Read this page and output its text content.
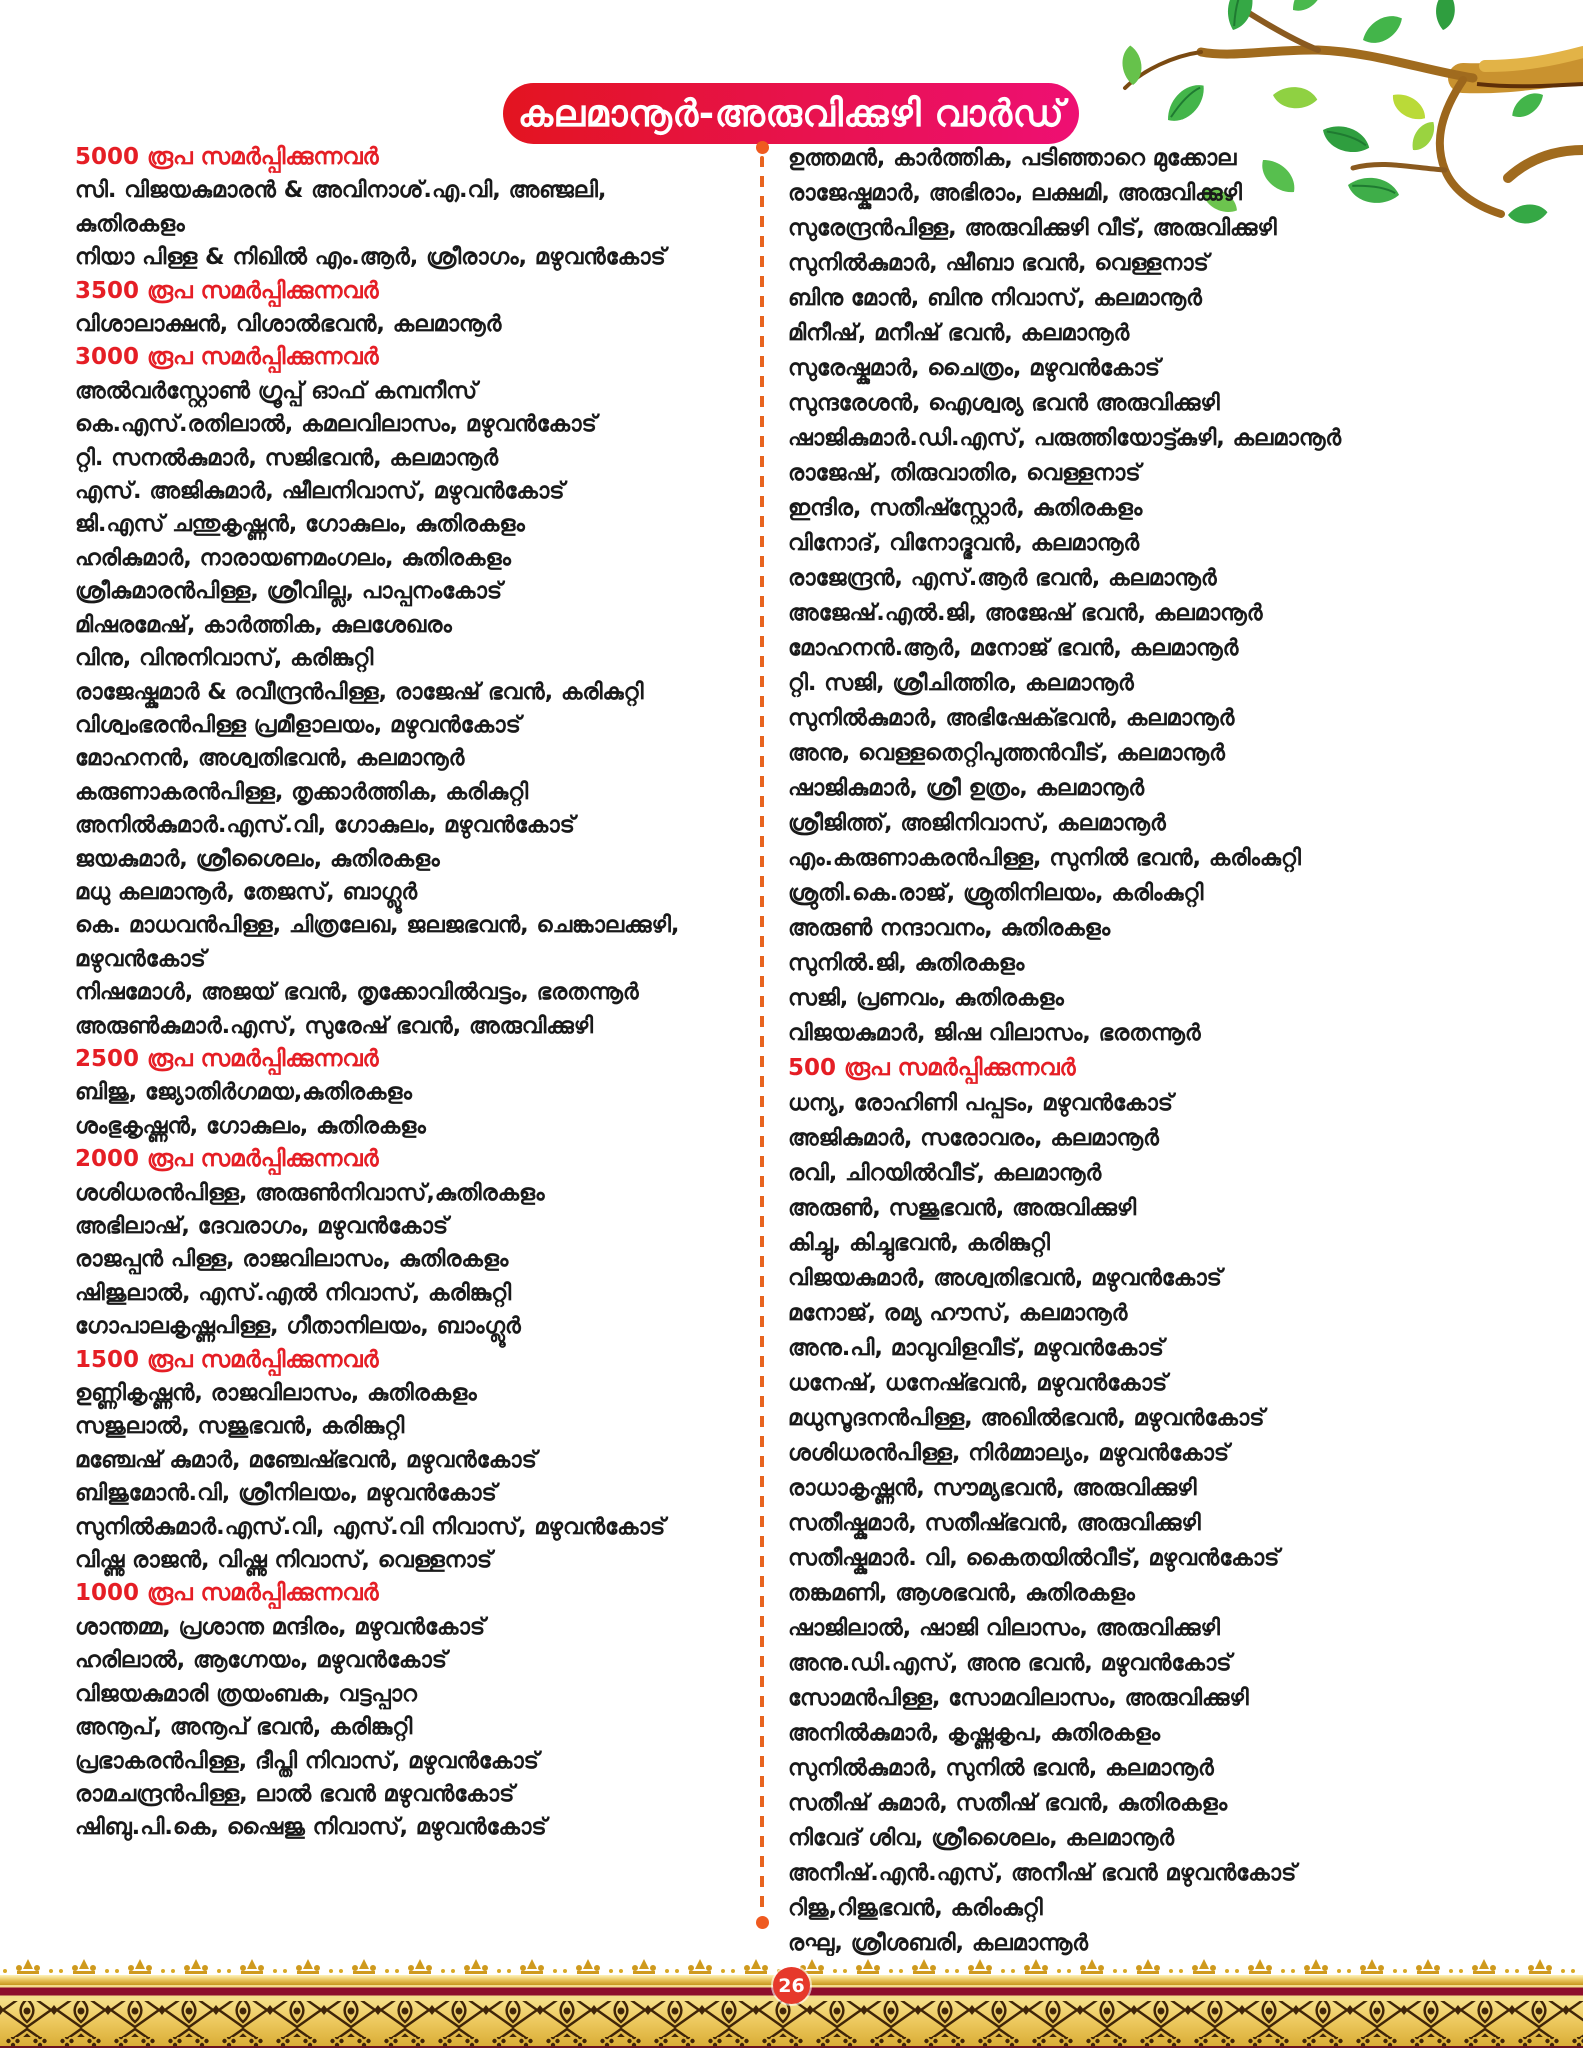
കലമാനൂർ-അരുവിക്കുഴി വാർഡ്
5000 രൂപ സമർപ്പിക്കുന്നവർ
സി. വിജയകുമാരൻ & അവിനാശ്.എ.വി, അഞ്ജലി, കുതിരകളം
നിയാ പിള്ള & നിഖിൽ എം.ആർ, ശ്രീരാഗം, മഴുവൻകോട്
3500 രൂപ സമർപ്പിക്കുന്നവർ
വിശാലാക്ഷൻ, വിശാൽഭവൻ, കലമാനൂർ
3000 രൂപ സമർപ്പിക്കുന്നവർ
അൽവർസ്റ്റോൺ ഗ്രൂപ്പ് ഓഫ് കമ്പനീസ്
കെ.എസ്.രതിലാൽ, കമലവിലാസം, മഴുവൻകോട്
റ്റി. സനൽകുമാർ, സജിഭവൻ, കലമാനൂർ
എസ്. അജികുമാർ, ഷീലനിവാസ്, മഴുവൻകോട്
ജി.എസ് ചന്തുകൃഷ്ണൻ, ഗോകുലം, കുതിരകളം
ഹരികുമാർ, നാരായണമംഗലം, കുതിരകളം
ശ്രീകുമാരൻപിള്ള, ശ്രീവില്ല, പാപ്പനംകോട്
മിഷരമേഷ്, കാർത്തിക, കുലശേഖരം
വിനു, വിനുനിവാസ്, കരിങ്കുറ്റി
രാജേഷ്കുമാർ & രവീന്ദ്രൻപിള്ള, രാജേഷ് ഭവൻ, കരികുറ്റി
വിശ്വംഭരൻപിള്ള പ്രമീളാലയം, മഴുവൻകോട്
മോഹനൻ, അശ്വതിഭവൻ, കലമാനൂർ
കരുണാകരൻപിള്ള, തൃക്കാർത്തിക, കരികുറ്റി
അനിൽകുമാർ.എസ്.വി, ഗോകുലം, മഴുവൻകോട്
ജയകുമാർ, ശ്രീശൈലം, കുതിരകളം
മധു കലമാനൂർ, തേജസ്, ബാഗ്ലൂർ
കെ. മാധവൻപിള്ള, ചിത്രലേഖ, ജലജഭവൻ, ചെങ്കാലക്കുഴി, മഴുവൻകോട്
നിഷമോൾ, അജയ് ഭവൻ, തൃക്കോവിൽവട്ടം, ഭരതന്നൂർ
അരുൺകുമാർ.എസ്, സുരേഷ് ഭവൻ, അരുവിക്കുഴി
2500 രൂപ സമർപ്പിക്കുന്നവർ
ബിജു, ജ്യോതിർഗമയ,കുതിരകളം
ശംഭുകൃഷ്ണൻ, ഗോകുലം, കുതിരകളം
2000 രൂപ സമർപ്പിക്കുന്നവർ
ശശിധരൻപിള്ള, അരുൺനിവാസ്,കുതിരകളം
അഭിലാഷ്, ദേവരാഗം, മഴുവൻകോട്
രാജപ്പൻ പിള്ള, രാജവിലാസം, കുതിരകളം
ഷിജുലാൽ, എസ്.എൽ നിവാസ്, കരിങ്കുറ്റി
ഗോപാലകൃഷ്ണപിള്ള, ഗീതാനിലയം, ബാംഗ്ലൂർ
1500 രൂപ സമർപ്പിക്കുന്നവർ
ഉണ്ണികൃഷ്ണൻ, രാജവിലാസം, കുതിരകളം
സജുലാൽ, സജുഭവൻ, കരിങ്കുറ്റി
മഞ്ചേഷ് കുമാർ, മഞ്ചേഷ്ഭവൻ, മഴുവൻകോട്
ബിജുമോൻ.വി, ശ്രീനിലയം, മഴുവൻകോട്
സുനിൽകുമാർ.എസ്.വി, എസ്.വി നിവാസ്, മഴുവൻകോട്
വിഷ്ണു രാജൻ, വിഷ്ണു നിവാസ്, വെള്ളനാട്
1000 രൂപ സമർപ്പിക്കുന്നവർ
ശാന്തമ്മ, പ്രശാന്ത മന്ദിരം, മഴുവൻകോട്
ഹരിലാൽ, ആഗ്നേയം, മഴുവൻകോട്
വിജയകുമാരി ത്രയംബക, വട്ടപ്പാറ
അനൂപ്, അനൂപ് ഭവൻ, കരിങ്കുറ്റി
പ്രഭാകരൻപിള്ള, ദീപ്തി നിവാസ്, മഴുവൻകോട്
രാമചന്ദ്രൻപിള്ള, ലാൽ ഭവൻ മഴുവൻകോട്
ഷിബു.പി.കെ, ഷൈജു നിവാസ്, മഴുവൻകോട്
ഉത്തമൻ, കാർത്തിക, പടിഞ്ഞാറെ മുക്കോല
രാജേഷ്കുമാർ, അഭിരാം, ലക്ഷമി, അരുവിക്കുഴി
സുരേന്ദ്രൻപിള്ള, അരുവിക്കുഴി വീട്, അരുവിക്കുഴി
സുനിൽകുമാർ, ഷീബാ ഭവൻ, വെള്ളനാട്
ബിനു മോൻ, ബിനു നിവാസ്, കലമാനൂർ
മിനീഷ്, മനീഷ് ഭവൻ, കലമാനൂർ
സുരേഷ്കുമാർ, ചൈത്രം, മഴുവൻകോട്
സുന്ദരേശൻ, ഐശ്വര്യ ഭവൻ അരുവിക്കുഴി
ഷാജികുമാർ.ഡി.എസ്, പരുത്തിയോട്ട്കുഴി, കലമാനൂർ
രാജേഷ്, തിരുവാതിര, വെള്ളനാട്
ഇന്ദിര, സതീഷ്സ്റ്റോർ, കുതിരകളം
വിനോദ്, വിനോദ്ഭവൻ, കലമാനൂർ
രാജേന്ദ്രൻ, എസ്.ആർ ഭവൻ, കലമാനൂർ
അജേഷ്.എൽ.ജി, അജേഷ് ഭവൻ, കലമാനൂർ
മോഹനൻ.ആർ, മനോജ് ഭവൻ, കലമാനൂർ
റ്റി. സജി, ശ്രീചിത്തിര, കലമാനൂർ
സുനിൽകുമാർ, അഭിഷേക്ഭവൻ, കലമാനൂർ
അനു, വെള്ളതെറ്റിപുത്തൻവീട്, കലമാനൂർ
ഷാജികുമാർ, ശ്രീ ഉത്രം, കലമാനൂർ
ശ്രീജിത്ത്, അജിനിവാസ്, കലമാനൂർ
എം.കരുണാകരൻപിള്ള, സുനിൽ ഭവൻ, കരിംകുറ്റി
ശ്രുതി.കെ.രാജ്, ശ്രുതിനിലയം, കരിംകുറ്റി
അരുൺ നന്ദാവനം, കുതിരകളം
സുനിൽ.ജി, കുതിരകളം
സജി, പ്രണവം, കുതിരകളം
വിജയകുമാർ, ജിഷ വിലാസം, ഭരതന്നൂർ
500 രൂപ സമർപ്പിക്കുന്നവർ
ധന്യ, രോഹിണി പപ്പടം, മഴുവൻകോട്
അജികുമാർ, സരോവരം, കലമാനൂർ
രവി, ചിറയിൽവീട്, കലമാനൂർ
അരുൺ, സജുഭവൻ, അരുവിക്കുഴി
കിച്ചു, കിച്ചുഭവൻ, കരിങ്കുറ്റി
വിജയകുമാർ, അശ്വതിഭവൻ, മഴുവൻകോട്
മനോജ്, രമ്യ ഹൗസ്, കലമാനൂർ
അനു.പി, മാവുവിളവീട്, മഴുവൻകോട്
ധനേഷ്, ധനേഷ്ഭവൻ, മഴുവൻകോട്
മധുസൂദനൻപിള്ള, അഖിൽഭവൻ, മഴുവൻകോട്
ശശിധരൻപിള്ള, നിർമ്മാല്യം, മഴുവൻകോട്
രാധാകൃഷ്ണൻ, സൗമ്യഭവൻ, അരുവിക്കുഴി
സതീഷ്കുമാർ, സതീഷ്ഭവൻ, അരുവിക്കുഴി
സതീഷ്കുമാർ. വി, കൈതയിൽവീട്, മഴുവൻകോട്
തങ്കമണി, ആശഭവൻ, കുതിരകളം
ഷാജിലാൽ, ഷാജി വിലാസം, അരുവിക്കുഴി
അനു.ഡി.എസ്, അനു ഭവൻ, മഴുവൻകോട്
സോമൻപിള്ള, സോമവിലാസം, അരുവിക്കുഴി
അനിൽകുമാർ, കൃഷ്ണകൃപ, കുതിരകളം
സുനിൽകുമാർ, സുനിൽ ഭവൻ, കലമാനൂർ
സതീഷ് കുമാർ, സതീഷ് ഭവൻ, കുതിരകളം
നിവേദ് ശിവ, ശ്രീശൈലം, കലമാനൂർ
അനീഷ്.എൻ.എസ്, അനീഷ് ഭവൻ മഴുവൻകോട്
റിജു,റിജുഭവൻ, കരിംകുറ്റി
രഘു, ശ്രീശബരി, കലമാന്നൂർ
26
